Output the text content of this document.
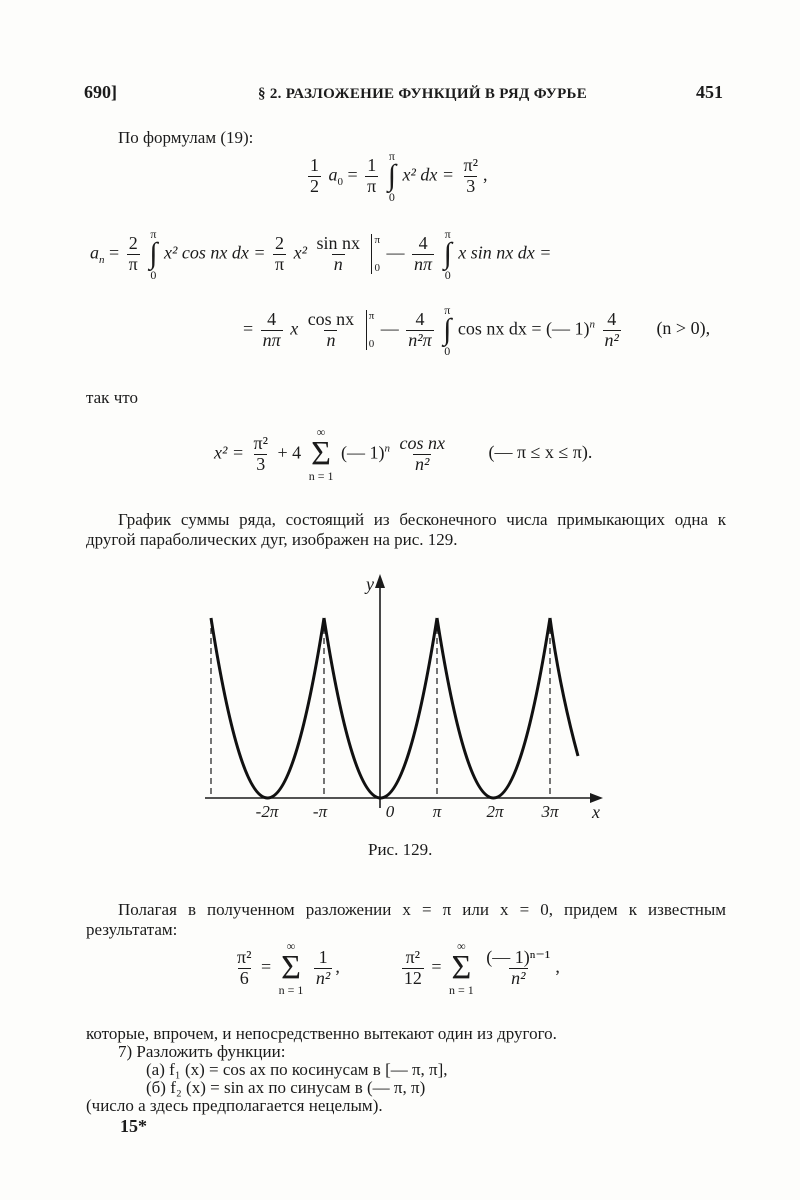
690]	§ 2. РАЗЛОЖЕНИЕ ФУНКЦИЙ В РЯД ФУРЬЕ	451
По формулам (19):
$\frac{1}{2} a_0 = \frac{1}{\pi}$
π
∫
0
x² dx = $\frac{\text{π²}}{3}$ ,
$a_n = \frac{2}{\pi}$
π
∫
0
x² cos nx dx = $\frac{2}{\pi} x^2 \frac{\text{sin nx}}{n}$
π
0
— $\frac{4}{n\pi}$
π
∫
0
x sin nx dx =
= $\frac{4}{n\pi}$ x $\frac{\text{cos nx}}{n}$
π
0
— $\frac{4}{\text{n²π}}$
π
∫
0
cos nx dx = (— $1)^n \frac{4}{\text{n²}} (n > 0)$,
так что
$x^2 = \frac{\text{π²}}{3} + 4$
∞
Σ
n = 1
(— $1)^n \frac{\text{cos nx}}{\text{n²}}$ (— π ≤ x ≤ π).
График суммы ряда, состоящий из бесконечного числа примыкающих одна к другой параболических дуг, изображен на рис. 129.
y
x
-2π -π	0 π	2π 3π
Рис. 129.
Полагая в полученном разложении x = π или x = 0, придем к известным результатам:
$\frac{\text{π²}}{6}$ =
∞
Σ
n = 1

$\frac{1}{\text{n²}}$ ,	$\frac{\text{π²}}{12}$ =
∞
Σ
n = 1

$\frac{\text{(— 1)ⁿ⁻¹}}{\text{n²}}$ ,
которые, впрочем, и непосредственно вытекают один из другого.
7) Разложить функции:
(а) f₁ (x) = cos ax по косинусам в [— π, π],
(б) f₂ (x) = sin ax по синусам в (— π, π)
(число a здесь предполагается нецелым).
15*
